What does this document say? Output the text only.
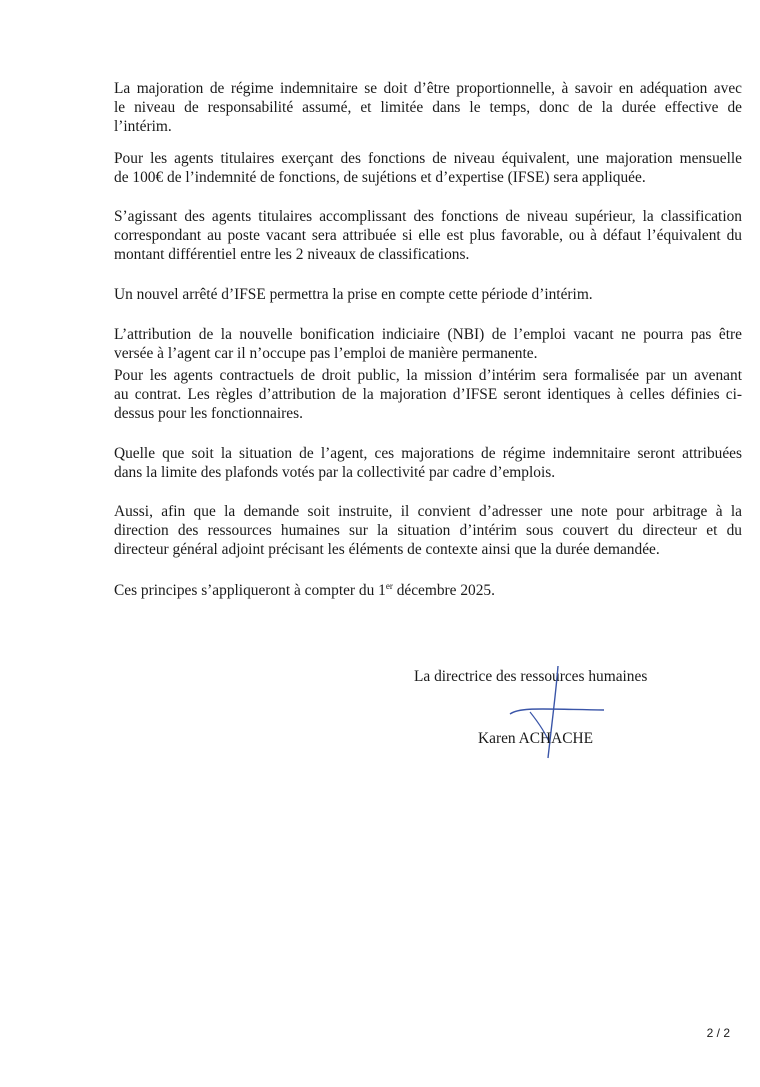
La majoration de régime indemnitaire se doit d’être proportionnelle, à savoir en adéquation avec
le niveau de responsabilité assumé, et limitée dans le temps, donc de la durée effective de
l’intérim.
Pour les agents titulaires exerçant des fonctions de niveau équivalent, une majoration mensuelle
de 100€ de l’indemnité de fonctions, de sujétions et d’expertise (IFSE) sera appliquée.
S’agissant des agents titulaires accomplissant des fonctions de niveau supérieur, la classification
correspondant au poste vacant sera attribuée si elle est plus favorable, ou à défaut l’équivalent du
montant différentiel entre les 2 niveaux de classifications.
Un nouvel arrêté d’IFSE permettra la prise en compte cette période d’intérim.
L’attribution de la nouvelle bonification indiciaire (NBI) de l’emploi vacant ne pourra pas être
versée à l’agent car il n’occupe pas l’emploi de manière permanente.
Pour les agents contractuels de droit public, la mission d’intérim sera formalisée par un avenant
au contrat. Les règles d’attribution de la majoration d’IFSE seront identiques à celles définies ci-
dessus pour les fonctionnaires.
Quelle que soit la situation de l’agent, ces majorations de régime indemnitaire seront attribuées
dans la limite des plafonds votés par la collectivité par cadre d’emplois.
Aussi, afin que la demande soit instruite, il convient d’adresser une note pour arbitrage à la
direction des ressources humaines sur la situation d’intérim sous couvert du directeur et du
directeur général adjoint précisant les éléments de contexte ainsi que la durée demandée.
Ces principes s’appliqueront à compter du 1er décembre 2025.
La directrice des ressources humaines
Karen ACHACHE
2 / 2
